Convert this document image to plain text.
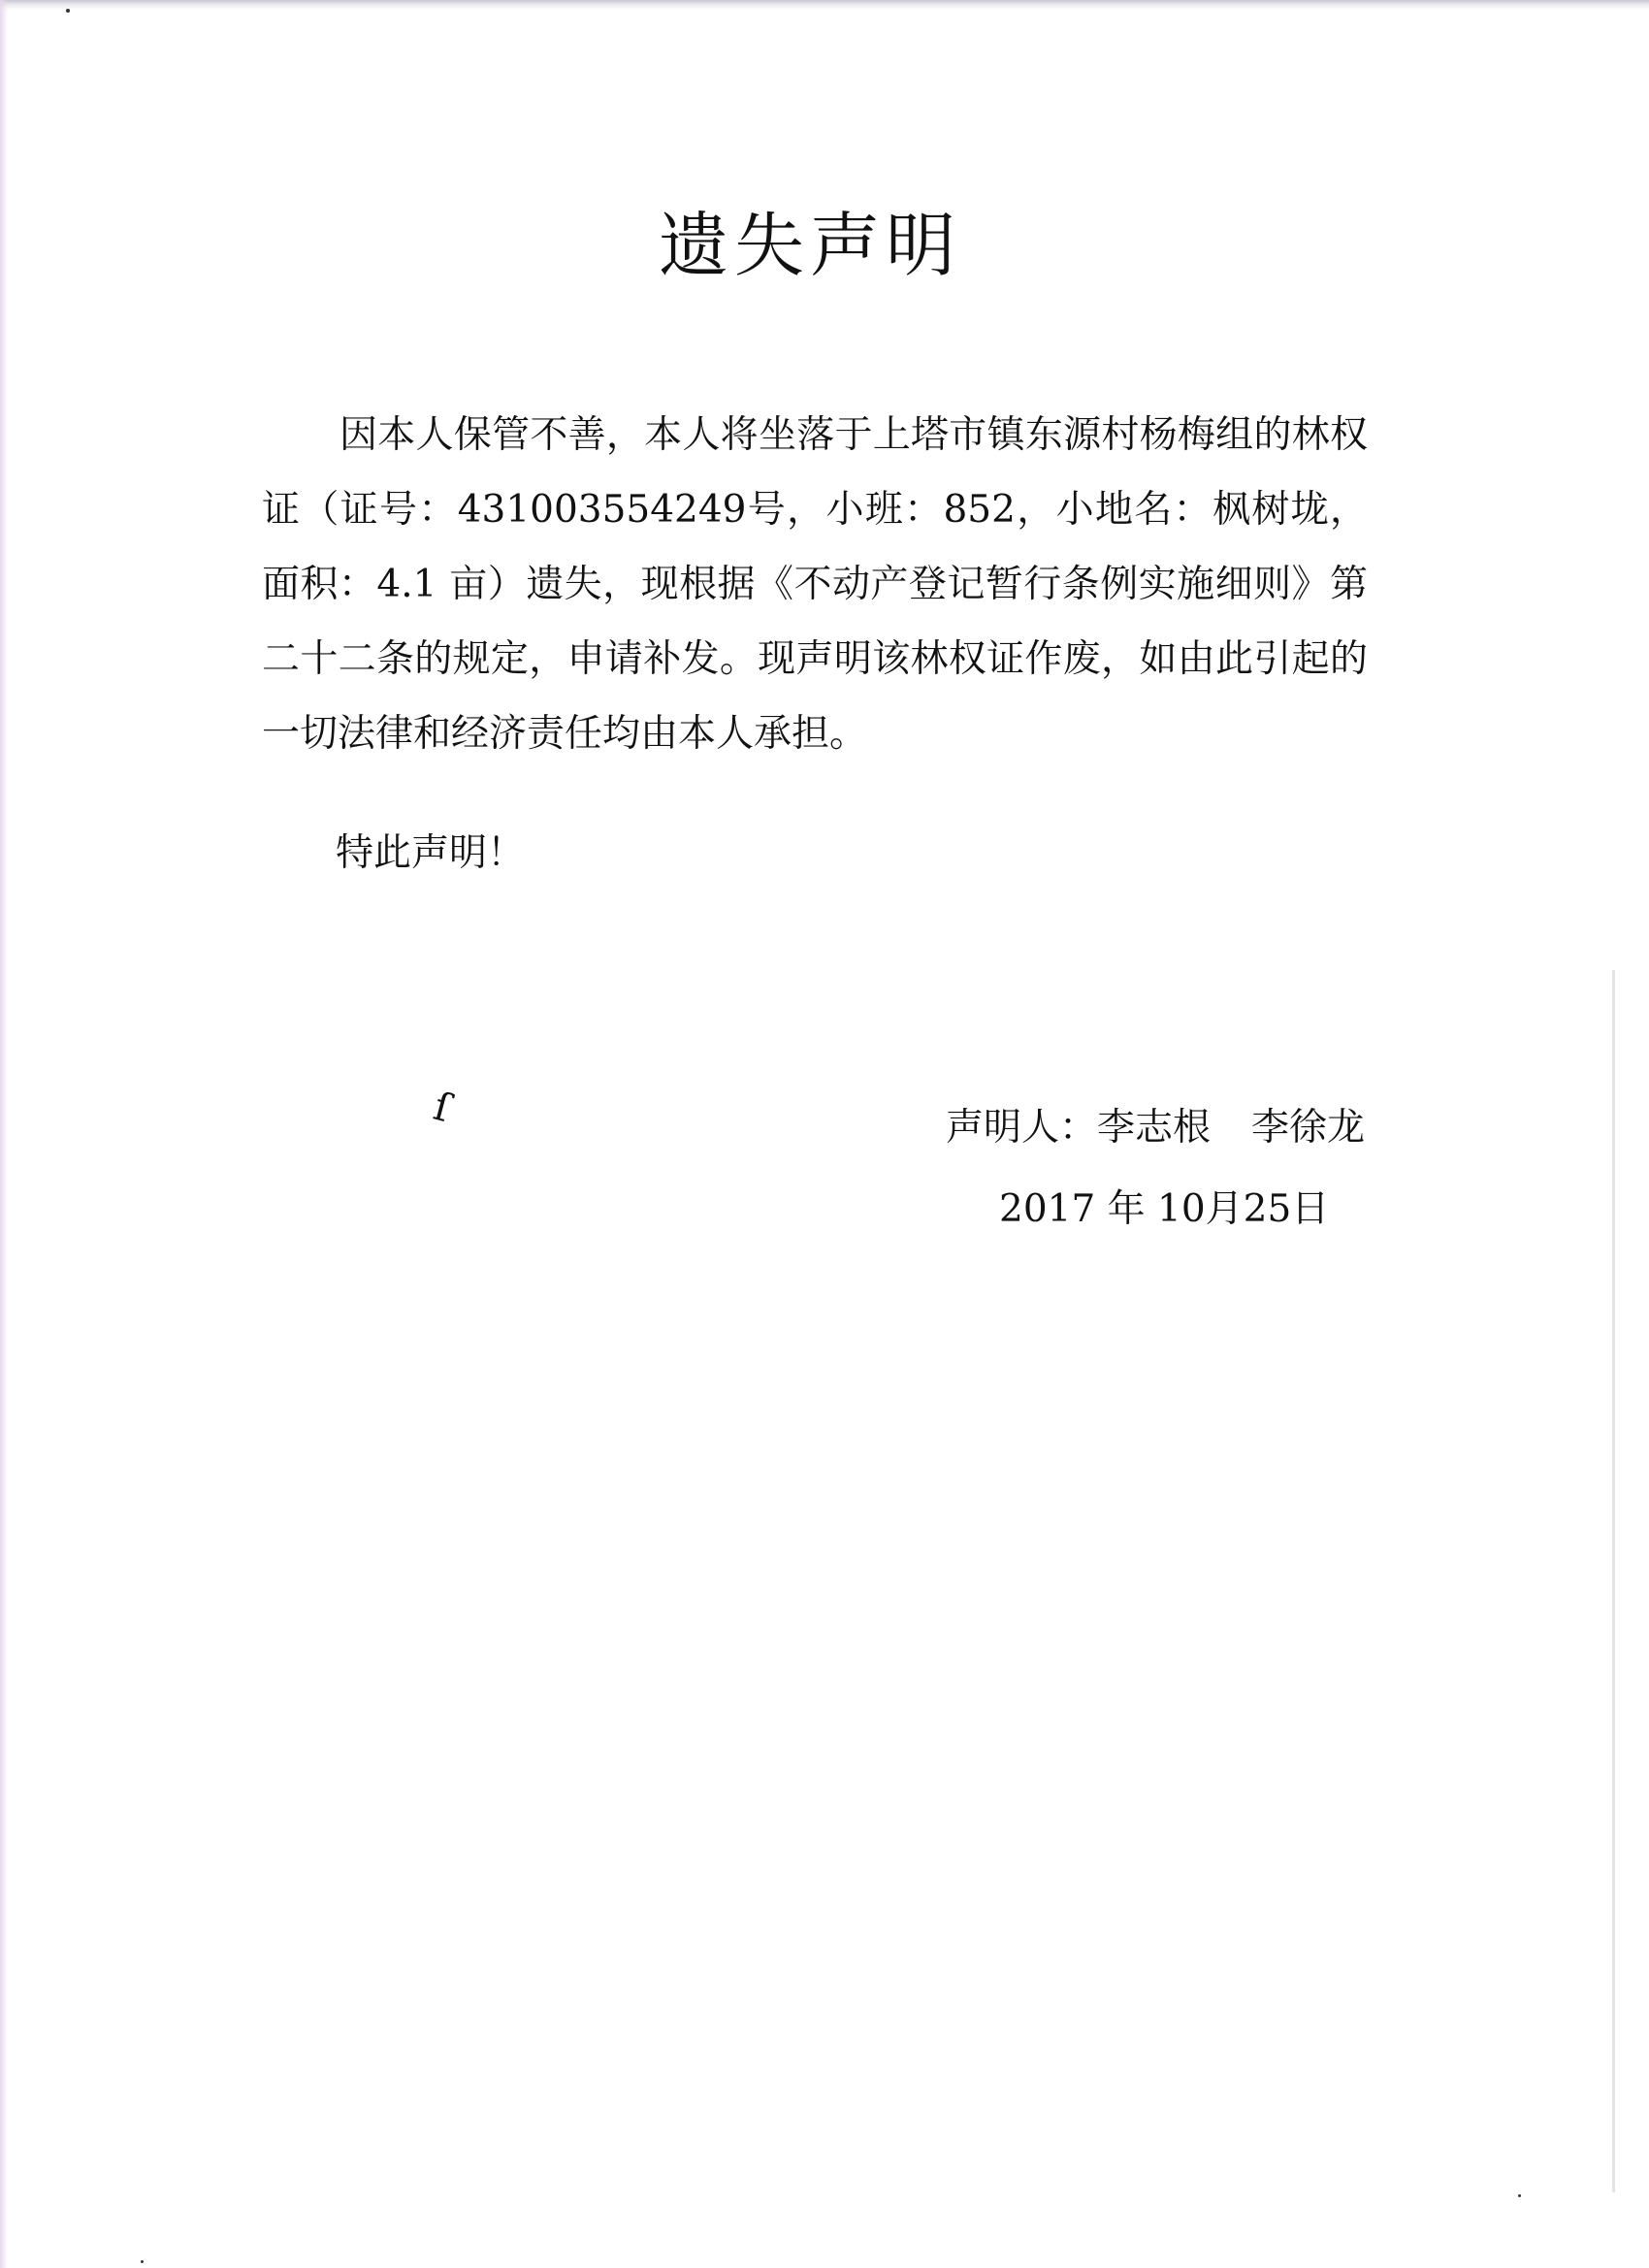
遗失声明

因本人保管不善，本人将坐落于上塔市镇东源村杨梅组的林权证（证号：431003554249号，小班：852，小地名：枫树垅，面积：4.1 亩）遗失，现根据《不动产登记暂行条例实施细则》第二十二条的规定，申请补发。现声明该林权证作废，如由此引起的一切法律和经济责任均由本人承担。

特此声明！
ſ	声明人：李志根 李徐龙
2017 年 10月25日
